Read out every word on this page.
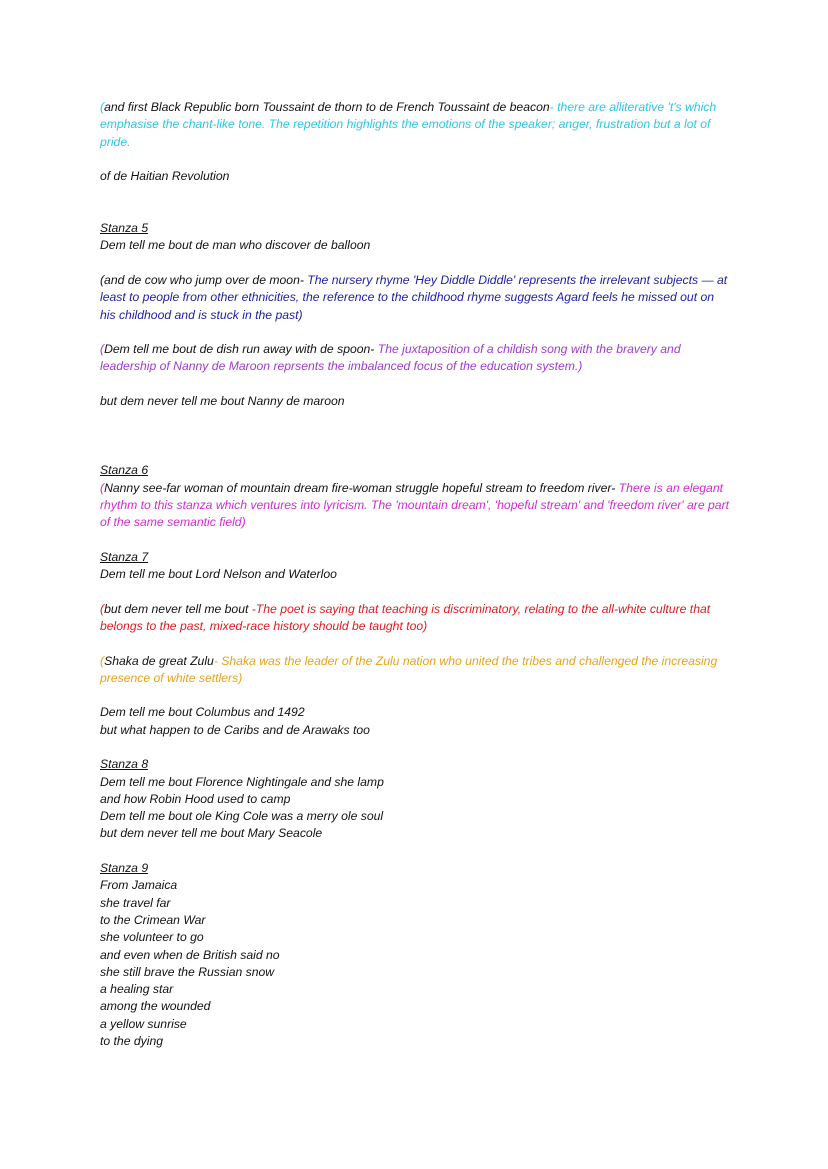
(and first Black Republic born Toussaint de thorn to de French Toussaint de beacon- there are alliterative 't's which emphasise the chant-like tone. The repetition highlights the emotions of the speaker; anger, frustration but a lot of pride.

of de Haitian Revolution

Stanza 5
Dem tell me bout de man who discover de balloon

(and de cow who jump over de moon- The nursery rhyme 'Hey Diddle Diddle' represents the irrelevant subjects — at least to people from other ethnicities, the reference to the childhood rhyme suggests Agard feels he missed out on his childhood and is stuck in the past)

(Dem tell me bout de dish run away with de spoon- The juxtaposition of a childish song with the bravery and leadership of Nanny de Maroon reprsents the imbalanced focus of the education system.)

but dem never tell me bout Nanny de maroon

Stanza 6
(Nanny see-far woman of mountain dream fire-woman struggle hopeful stream to freedom river- There is an elegant rhythm to this stanza which ventures into lyricism. The 'mountain dream', 'hopeful stream' and 'freedom river' are part of the same semantic field)

Stanza 7
Dem tell me bout Lord Nelson and Waterloo

(but dem never tell me bout -The poet is saying that teaching is discriminatory, relating to the all-white culture that belongs to the past, mixed-race history should be taught too)

(Shaka de great Zulu- Shaka was the leader of the Zulu nation who united the tribes and challenged the increasing presence of white settlers)

Dem tell me bout Columbus and 1492
but what happen to de Caribs and de Arawaks too

Stanza 8
Dem tell me bout Florence Nightingale and she lamp
and how Robin Hood used to camp
Dem tell me bout ole King Cole was a merry ole soul
but dem never tell me bout Mary Seacole

Stanza 9
From Jamaica
she travel far
to the Crimean War
she volunteer to go
and even when de British said no
she still brave the Russian snow
a healing star
among the wounded
a yellow sunrise
to the dying
